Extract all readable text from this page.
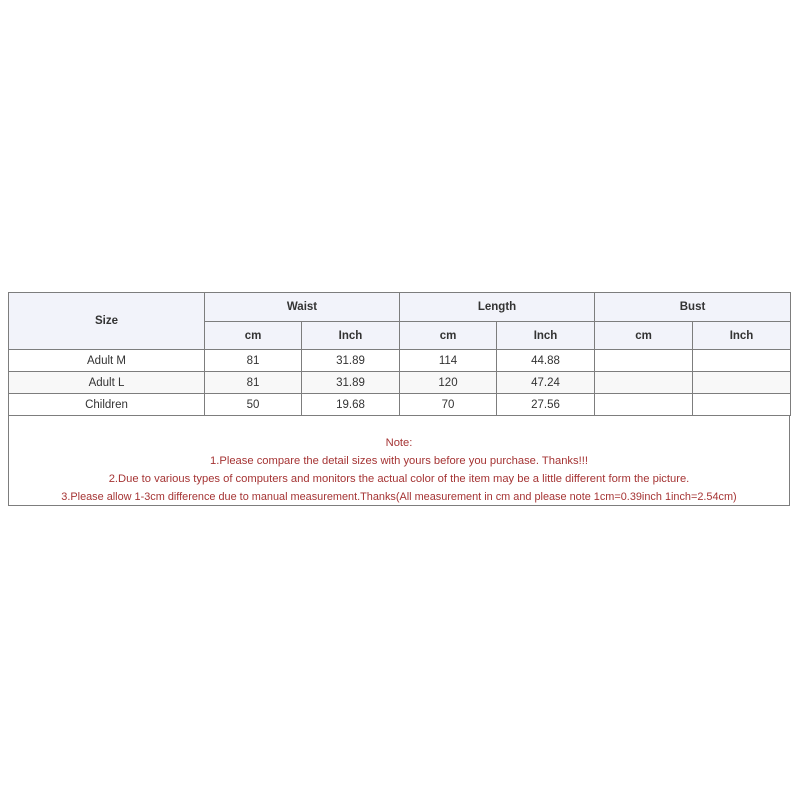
Size	Waist		Length		Bust	
	cm	Inch	cm	Inch	cm	Inch
Adult M	81	31.89	114	44.88		
Adult L	81	31.89	120	47.24		
Children	50	19.68	70	27.56		
Note:
1.Please compare the detail sizes with yours before you purchase. Thanks!!!
2.Due to various types of computers and monitors the actual color of the item may be a little different form the picture.
3.Please allow 1-3cm difference due to manual measurement.Thanks(All measurement in cm and please note 1cm=0.39inch 1inch=2.54cm)
